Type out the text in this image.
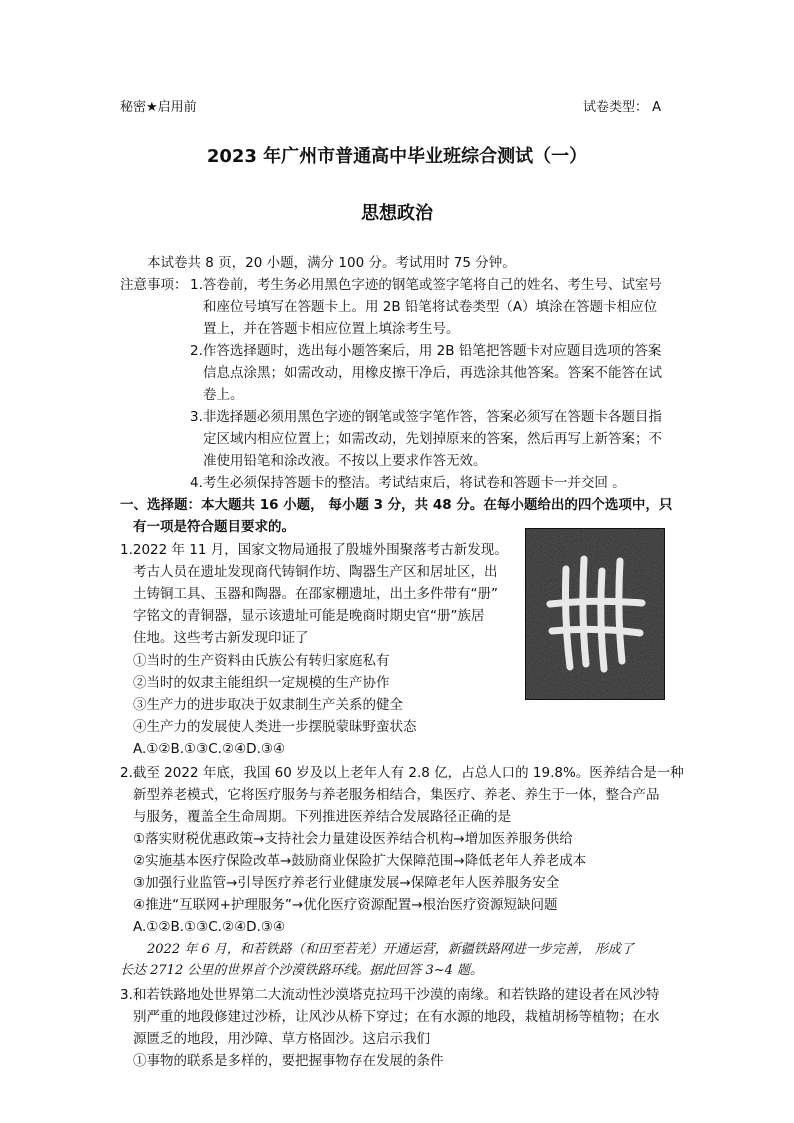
秘密★启用前	试卷类型： A
2023 年广州市普通高中毕业班综合测试（一）
思想政治
本试卷共 8 页，20 小题，满分 100 分。考试用时 75 分钟。
注意事项： 1.答卷前，考生务必用黑色字迹的钢笔或签字笔将自己的姓名、考生号、试室号
和座位号填写在答题卡上。用 2B 铅笔将试卷类型（A）填涂在答题卡相应位
置上，并在答题卡相应位置上填涂考生号。
2.作答选择题时，选出每小题答案后，用 2B 铅笔把答题卡对应题目选项的答案
信息点涂黑；如需改动，用橡皮擦干净后，再选涂其他答案。答案不能答在试
卷上。
3.非选择题必须用黑色字迹的钢笔或签字笔作答，答案必须写在答题卡各题目指
定区域内相应位置上；如需改动，先划掉原来的答案，然后再写上新答案；不
准使用铅笔和涂改液。不按以上要求作答无效。
4.考生必须保持答题卡的整洁。考试结束后，将试卷和答题卡一并交回 。
一、选择题：本大题共 16 小题， 每小题 3 分，共 48 分。在每小题给出的四个选项中，只
有一项是符合题目要求的。
1.2022 年 11 月，国家文物局通报了殷墟外围聚落考古新发现。
考古人员在遗址发现商代铸铜作坊、陶器生产区和居址区，出
土铸铜工具、玉器和陶器。在邵家棚遗址，出土多件带有“册”
字铭文的青铜器，显示该遗址可能是晚商时期史官“册”族居
住地。这些考古新发现印证了
①当时的生产资料由氏族公有转归家庭私有
②当时的奴隶主能组织一定规模的生产协作
③生产力的进步取决于奴隶制生产关系的健全
④生产力的发展使人类进一步摆脱蒙昧野蛮状态
A.①②B.①③C.②④D.③④
2.截至 2022 年底，我国 60 岁及以上老年人有 2.8 亿，占总人口的 19.8%。医养结合是一种
新型养老模式，它将医疗服务与养老服务相结合，集医疗、养老、养生于一体，整合产品
与服务，覆盖全生命周期。下列推进医养结合发展路径正确的是
①落实财税优惠政策→支持社会力量建设医养结合机构→增加医养服务供给
②实施基本医疗保险改革→鼓励商业保险扩大保障范围→降低老年人养老成本
③加强行业监管→引导医疗养老行业健康发展→保障老年人医养服务安全
④推进“互联网+护理服务”→优化医疗资源配置→根治医疗资源短缺问题
A.①②B.①③C.②④D.③④
2022 年 6 月，和若铁路（和田至若羌）开通运营，新疆铁路网进一步完善， 形成了
长达 2712 公里的世界首个沙漠铁路环线。据此回答 3~4 题。
3.和若铁路地处世界第二大流动性沙漠塔克拉玛干沙漠的南缘。和若铁路的建设者在风沙特
别严重的地段修建过沙桥，让风沙从桥下穿过；在有水源的地段，栽植胡杨等植物；在水
源匮乏的地段，用沙障、草方格固沙。这启示我们
①事物的联系是多样的，要把握事物存在发展的条件
